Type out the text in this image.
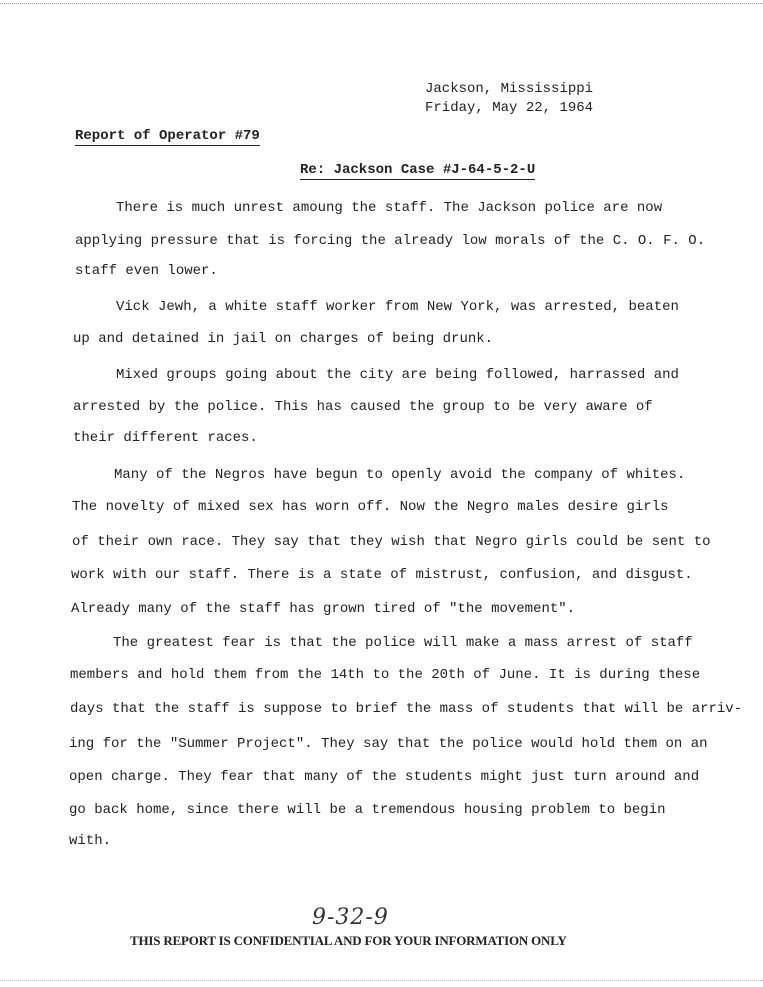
Jackson, Mississippi
Friday, May 22, 1964
Report of Operator #79
Re: Jackson Case #J-64-5-2-U
There is much unrest amoung the staff. The Jackson police are now
applying pressure that is forcing the already low morals of the C. O. F. O.
staff even lower.
Vick Jewh, a white staff worker from New York, was arrested, beaten
up and detained in jail on charges of being drunk.
Mixed groups going about the city are being followed, harrassed and
arrested by the police. This has caused the group to be very aware of
their different races.
Many of the Negros have begun to openly avoid the company of whites.
The novelty of mixed sex has worn off. Now the Negro males desire girls
of their own race. They say that they wish that Negro girls could be sent to
work with our staff. There is a state of mistrust, confusion, and disgust.
Already many of the staff has grown tired of "the movement".
The greatest fear is that the police will make a mass arrest of staff
members and hold them from the 14th to the 20th of June. It is during these
days that the staff is suppose to brief the mass of students that will be arriv-
ing for the "Summer Project". They say that the police would hold them on an
open charge. They fear that many of the students might just turn around and
go back home, since there will be a tremendous housing problem to begin
with.
9-32-9
THIS REPORT IS CONFIDENTIAL AND FOR YOUR INFORMATION ONLY
